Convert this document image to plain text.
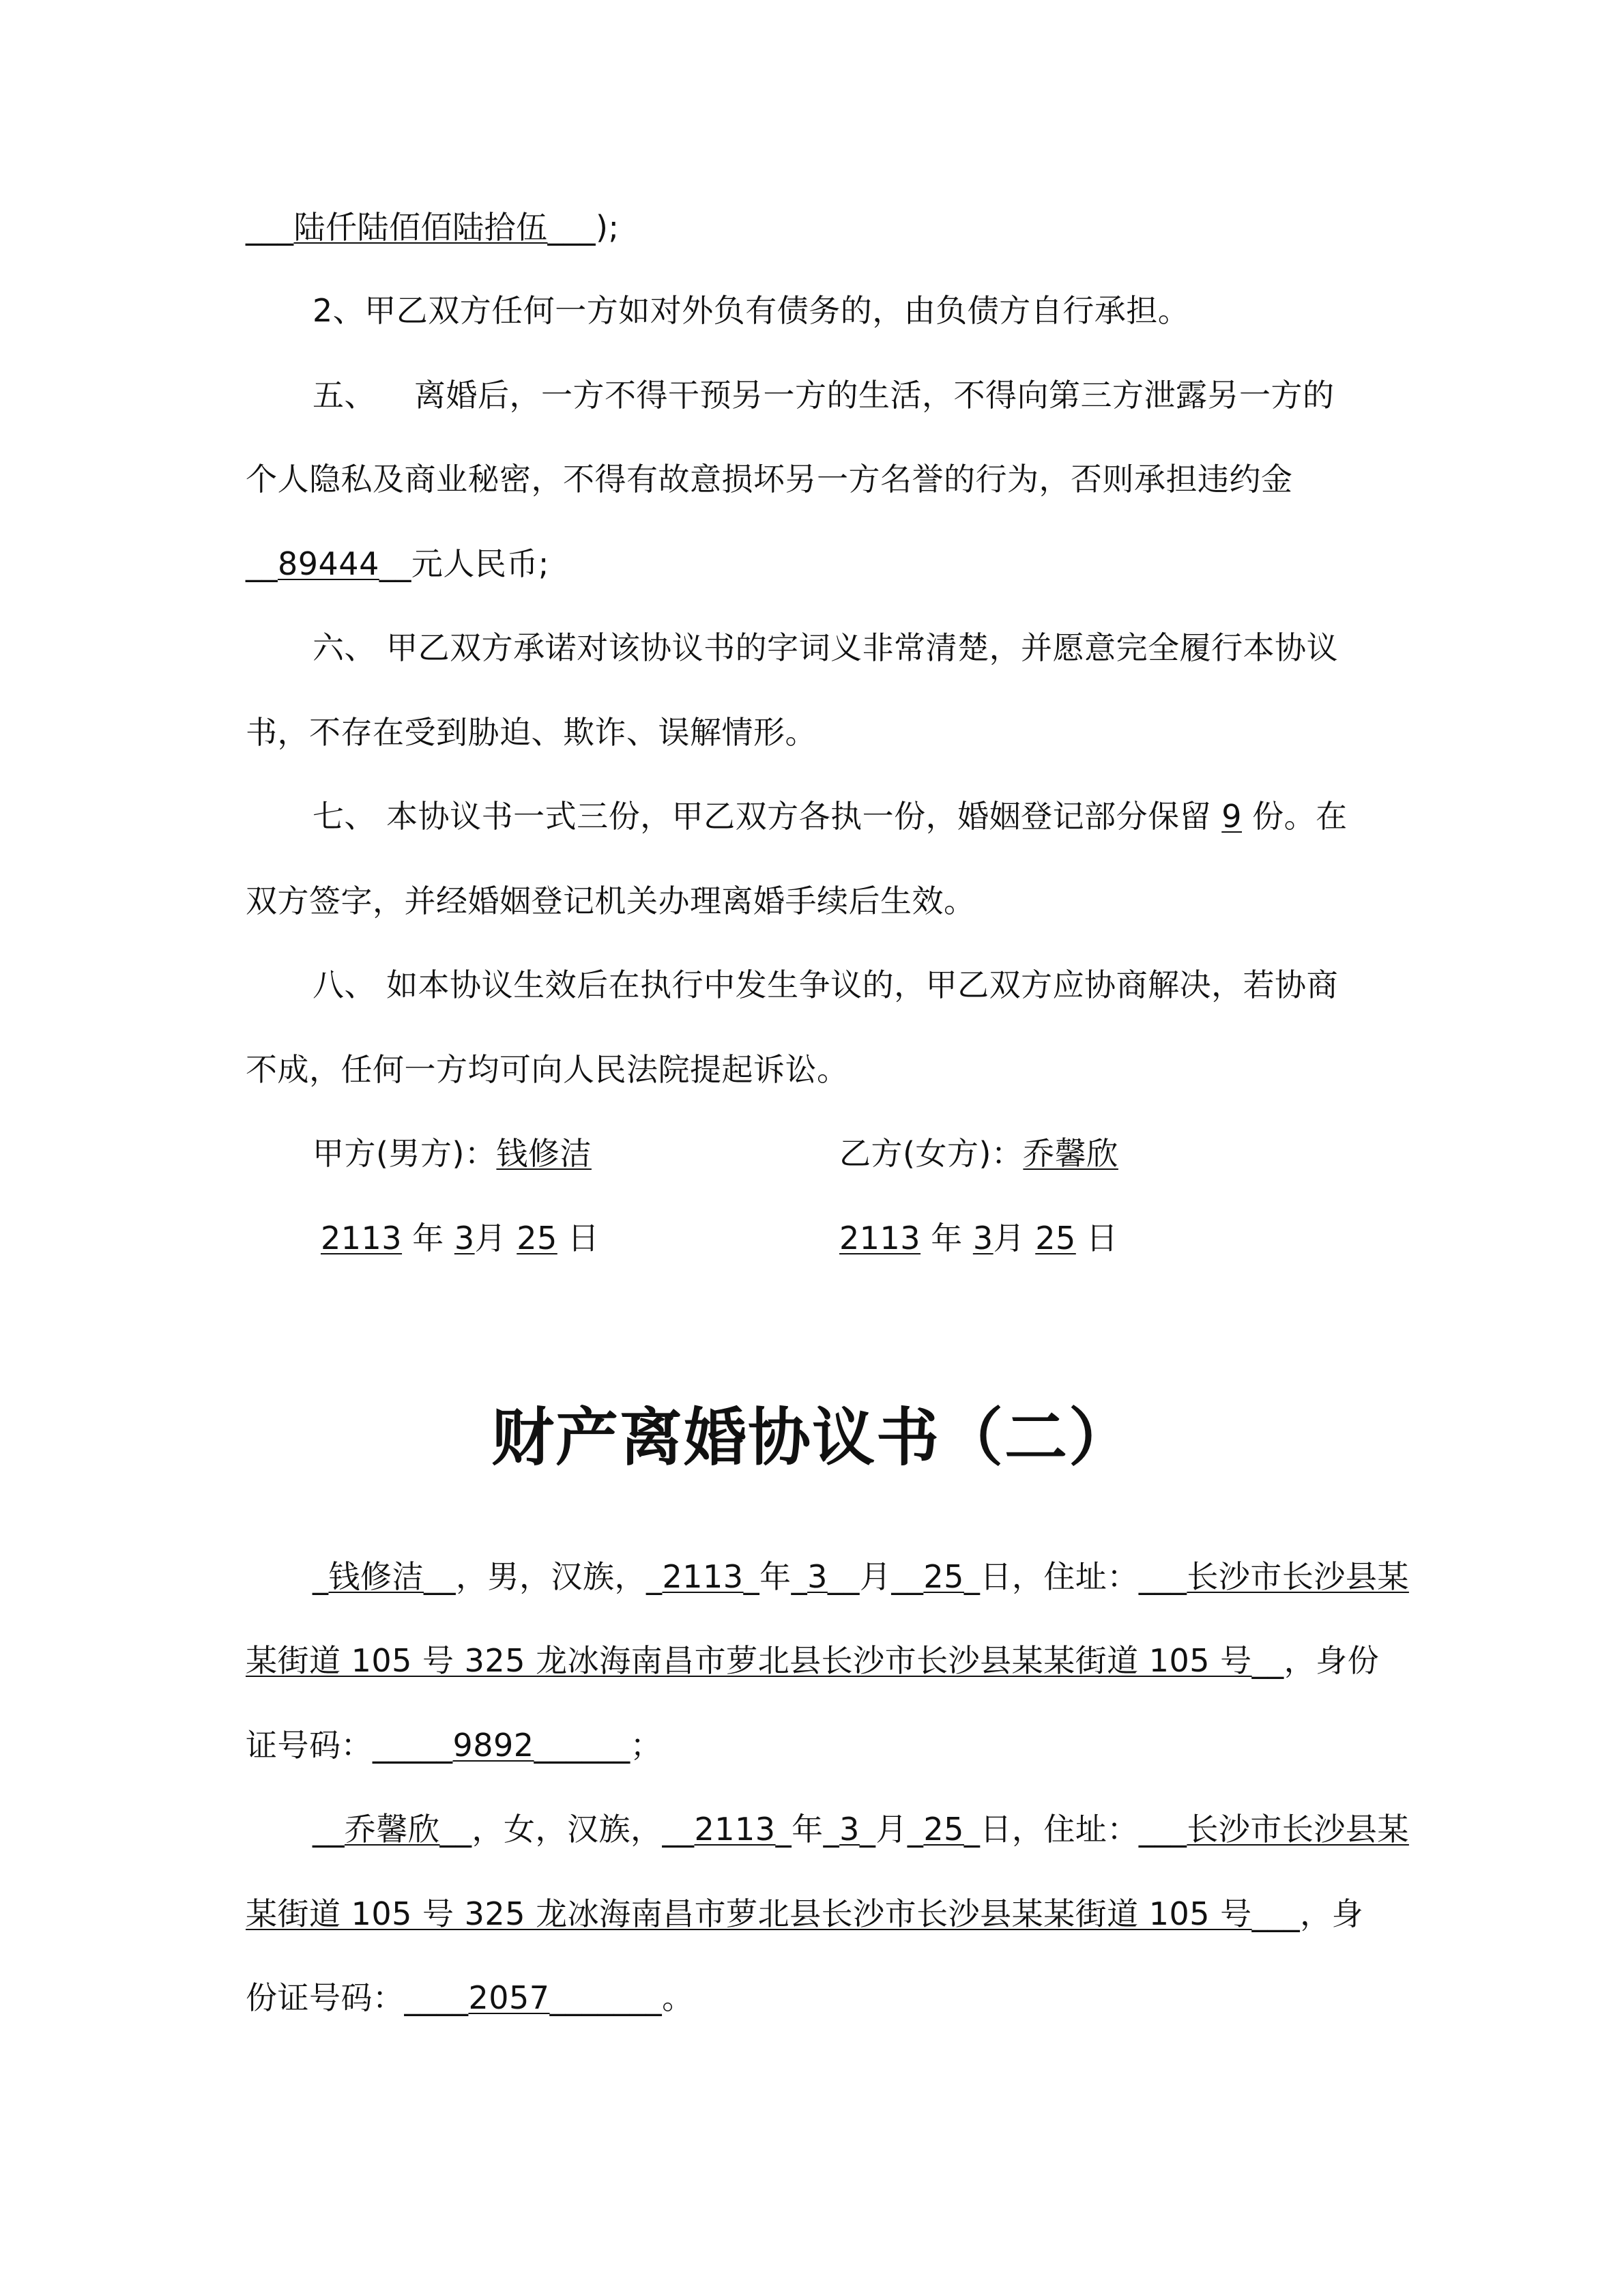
___陆仟陆佰佰陆拾伍___);
2、甲乙双方任何一方如对外负有债务的，由负债方自行承担。
五、 离婚后，一方不得干预另一方的生活，不得向第三方泄露另一方的
个人隐私及商业秘密，不得有故意损坏另一方名誉的行为，否则承担违约金
__89444__元人民币;
六、 甲乙双方承诺对该协议书的字词义非常清楚，并愿意完全履行本协议
书，不存在受到胁迫、欺诈、误解情形。
七、 本协议书一式三份，甲乙双方各执一份，婚姻登记部分保留 9 份。在
双方签字，并经婚姻登记机关办理离婚手续后生效。
八、 如本协议生效后在执行中发生争议的，甲乙双方应协商解决，若协商
不成，任何一方均可向人民法院提起诉讼。
甲方(男方)：钱修洁	乙方(女方)：乔馨欣
2113 年 3月 25 日	2113 年 3月 25 日
财产离婚协议书（二）
_钱修洁__，男，汉族，_2113_年_3__月__25_日，住址：___长沙市长沙县某
某街道 105 号 325 龙冰海南昌市萝北县长沙市长沙县某某街道 105 号__，身份
证号码：_____9892______；
__乔馨欣__，女，汉族，__2113_年_3_月_25_日，住址：___长沙市长沙县某
某街道 105 号 325 龙冰海南昌市萝北县长沙市长沙县某某街道 105 号___，身
份证号码：____2057_______。
